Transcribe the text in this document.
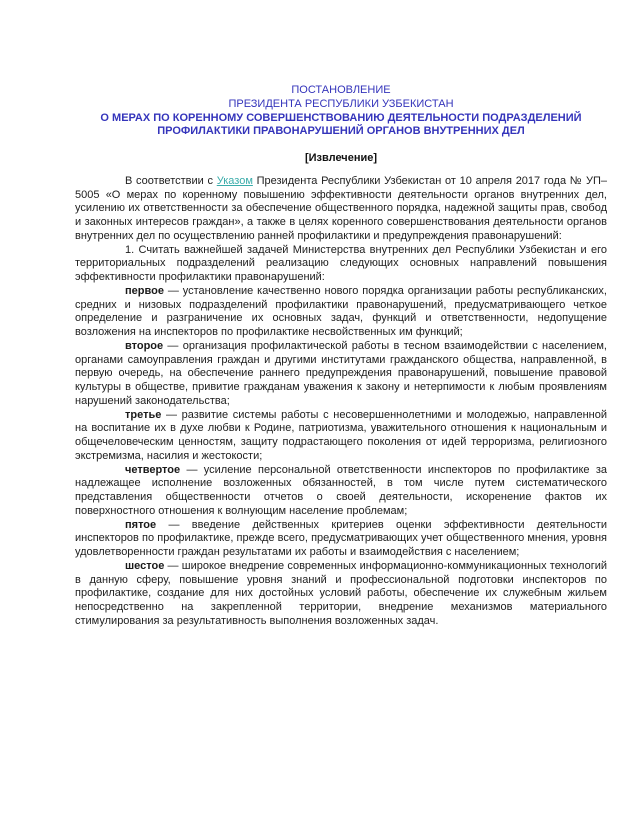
ПОСТАНОВЛЕНИЕ
ПРЕЗИДЕНТА РЕСПУБЛИКИ УЗБЕКИСТАН
О МЕРАХ ПО КОРЕННОМУ СОВЕРШЕНСТВОВАНИЮ ДЕЯТЕЛЬНОСТИ ПОДРАЗДЕЛЕНИЙ ПРОФИЛАКТИКИ ПРАВОНАРУШЕНИЙ ОРГАНОВ ВНУТРЕННИХ ДЕЛ
[Извлечение]

В соответствии с Указом Президента Республики Узбекистан от 10 апреля 2017 года № УП–5005 «О мерах по коренному повышению эффективности деятельности органов внутренних дел, усилению их ответственности за обеспечение общественного порядка, надежной защиты прав, свобод и законных интересов граждан», а также в целях коренного совершенствования деятельности органов внутренних дел по осуществлению ранней профилактики и предупреждения правонарушений:

1. Считать важнейшей задачей Министерства внутренних дел Республики Узбекистан и его территориальных подразделений реализацию следующих основных направлений повышения эффективности профилактики правонарушений:

первое — установление качественно нового порядка организации работы республиканских, средних и низовых подразделений профилактики правонарушений, предусматривающего четкое определение и разграничение их основных задач, функций и ответственности, недопущение возложения на инспекторов по профилактике несвойственных им функций;

второе — организация профилактической работы в тесном взаимодействии с населением, органами самоуправления граждан и другими институтами гражданского общества, направленной, в первую очередь, на обеспечение раннего предупреждения правонарушений, повышение правовой культуры в обществе, привитие гражданам уважения к закону и нетерпимости к любым проявлениям нарушений законодательства;

третье — развитие системы работы с несовершеннолетними и молодежью, направленной на воспитание их в духе любви к Родине, патриотизма, уважительного отношения к национальным и общечеловеческим ценностям, защиту подрастающего поколения от идей терроризма, религиозного экстремизма, насилия и жестокости;

четвертое — усиление персональной ответственности инспекторов по профилактике за надлежащее исполнение возложенных обязанностей, в том числе путем систематического представления общественности отчетов о своей деятельности, искоренение фактов их поверхностного отношения к волнующим население проблемам;

пятое — введение действенных критериев оценки эффективности деятельности инспекторов по профилактике, прежде всего, предусматривающих учет общественного мнения, уровня удовлетворенности граждан результатами их работы и взаимодействия с населением;

шестое — широкое внедрение современных информационно-коммуникационных технологий в данную сферу, повышение уровня знаний и профессиональной подготовки инспекторов по профилактике, создание для них достойных условий работы, обеспечение их служебным жильем непосредственно на закрепленной территории, внедрение механизмов материального стимулирования за результативность выполнения возложенных задач.
